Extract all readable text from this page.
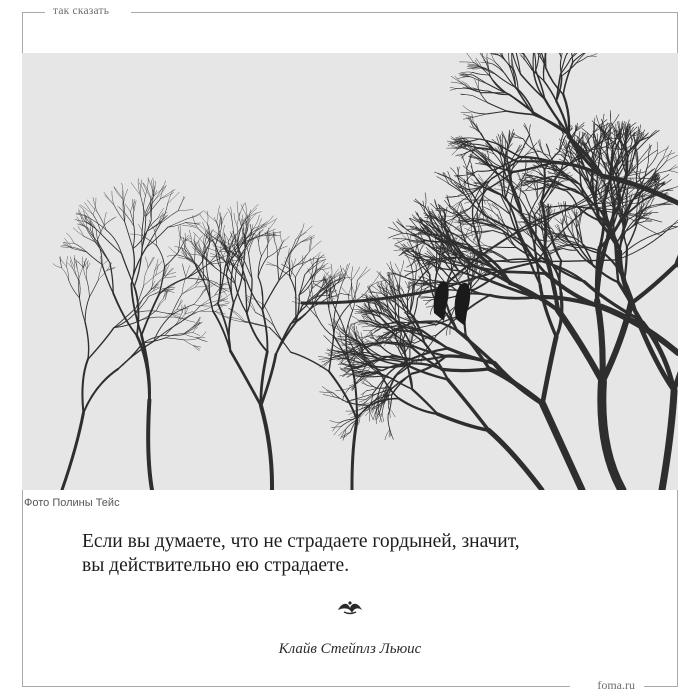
так сказать
Фото Полины Тейс
Если вы думаете, что не страдаете гордыней, значит,
вы действительно ею страдаете.
Клайв Стейплз Льюис
foma.ru
